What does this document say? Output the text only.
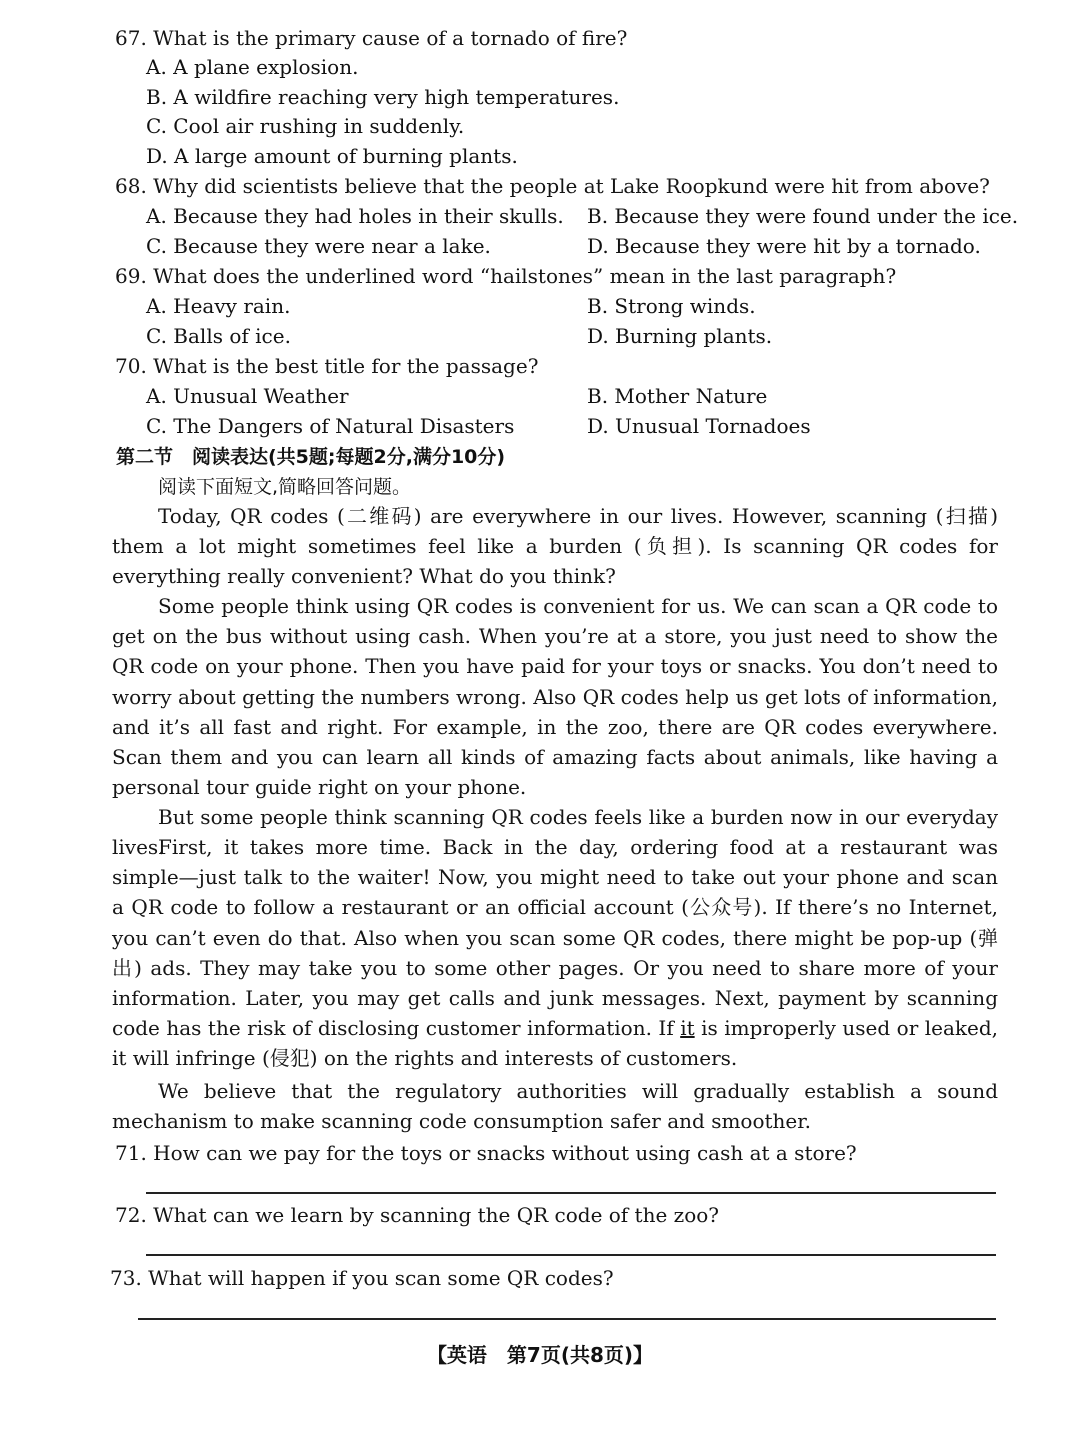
67. What is the primary cause of a tornado of fire?
A. A plane explosion.
B. A wildfire reaching very high temperatures.
C. Cool air rushing in suddenly.
D. A large amount of burning plants.
68. Why did scientists believe that the people at Lake Roopkund were hit from above?
A. Because they had holes in their skulls. B. Because they were found under the ice.
C. Because they were near a lake.	D. Because they were hit by a tornado.
69. What does the underlined word “hailstones” mean in the last paragraph?
A. Heavy rain.	B. Strong winds.
C. Balls of ice.	D. Burning plants.
70. What is the best title for the passage?
A. Unusual Weather	B. Mother Nature
C. The Dangers of Natural Disasters	D. Unusual Tornadoes
第二节　阅读表达(共5题;每题2分,满分10分)
阅读下面短文,简略回答问题。
Today, QR codes (二维码) are everywhere in our lives. However, scanning (扫描) them a lot might sometimes feel like a burden (负担). Is scanning QR codes for everything really convenient? What do you think?
Some people think using QR codes is convenient for us. We can scan a QR code to get on the bus without using cash. When you’re at a store, you just need to show the QR code on your phone. Then you have paid for your toys or snacks. You don’t need to worry about getting the numbers wrong. Also QR codes help us get lots of information, and it’s all fast and right. For example, in the zoo, there are QR codes everywhere. Scan them and you can learn all kinds of amazing facts about animals, like having a personal tour guide right on your phone.
But some people think scanning QR codes feels like a burden now in our everyday lives.
First, it takes more time. Back in the day, ordering food at a restaurant was simple—just talk to the waiter! Now, you might need to take out your phone and scan a QR code to follow a restaurant or an official account (公众号). If there’s no Internet, you can’t even do that. Also when you scan some QR codes, there might be pop-up (弹出) ads. They may take you to some other pages. Or you need to share more of your information. Later, you may get calls and junk messages. Next, payment by scanning code has the risk of disclosing customer information. If it is improperly used or leaked, it will infringe (侵犯) on the rights and interests of customers.
We believe that the regulatory authorities will gradually establish a sound mechanism to make scanning code consumption safer and smoother.
71. How can we pay for the toys or snacks without using cash at a store?
72. What can we learn by scanning the QR code of the zoo?
73. What will happen if you scan some QR codes?
【英语　第7页(共8页)】
